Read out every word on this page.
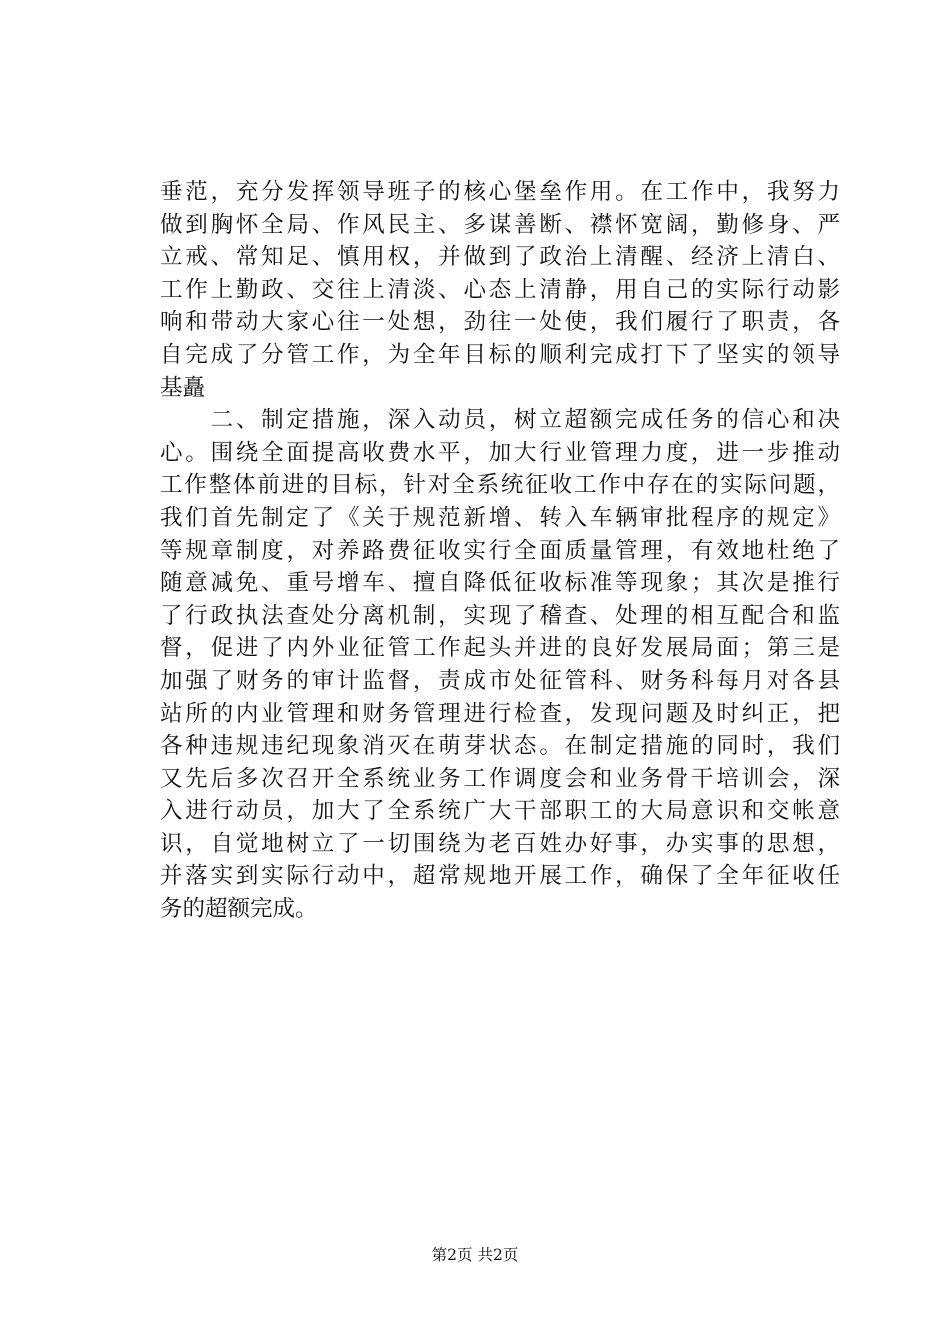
垂范，充分发挥领导班子的核心堡垒作用。在工作中，我努力
做到胸怀全局、作风民主、多谋善断、襟怀宽阔，勤修身、严
立戒、常知足、慎用权，并做到了政治上清醒、经济上清白、
工作上勤政、交往上清淡、心态上清静，用自己的实际行动影
响和带动大家心往一处想，劲往一处使，我们履行了职责，各
自完成了分管工作，为全年目标的顺利完成打下了坚实的领导
基矗
　　二、制定措施，深入动员，树立超额完成任务的信心和决
心。围绕全面提高收费水平，加大行业管理力度，进一步推动
工作整体前进的目标，针对全系统征收工作中存在的实际问题，
我们首先制定了《关于规范新增、转入车辆审批程序的规定》
等规章制度，对养路费征收实行全面质量管理，有效地杜绝了
随意减免、重号增车、擅自降低征收标准等现象；其次是推行
了行政执法查处分离机制，实现了稽查、处理的相互配合和监
督，促进了内外业征管工作起头并进的良好发展局面；第三是
加强了财务的审计监督，责成市处征管科、财务科每月对各县
站所的内业管理和财务管理进行检查，发现问题及时纠正，把
各种违规违纪现象消灭在萌芽状态。在制定措施的同时，我们
又先后多次召开全系统业务工作调度会和业务骨干培训会，深
入进行动员，加大了全系统广大干部职工的大局意识和交帐意
识，自觉地树立了一切围绕为老百姓办好事，办实事的思想，
并落实到实际行动中，超常规地开展工作，确保了全年征收任
务的超额完成。
第2页 共2页
